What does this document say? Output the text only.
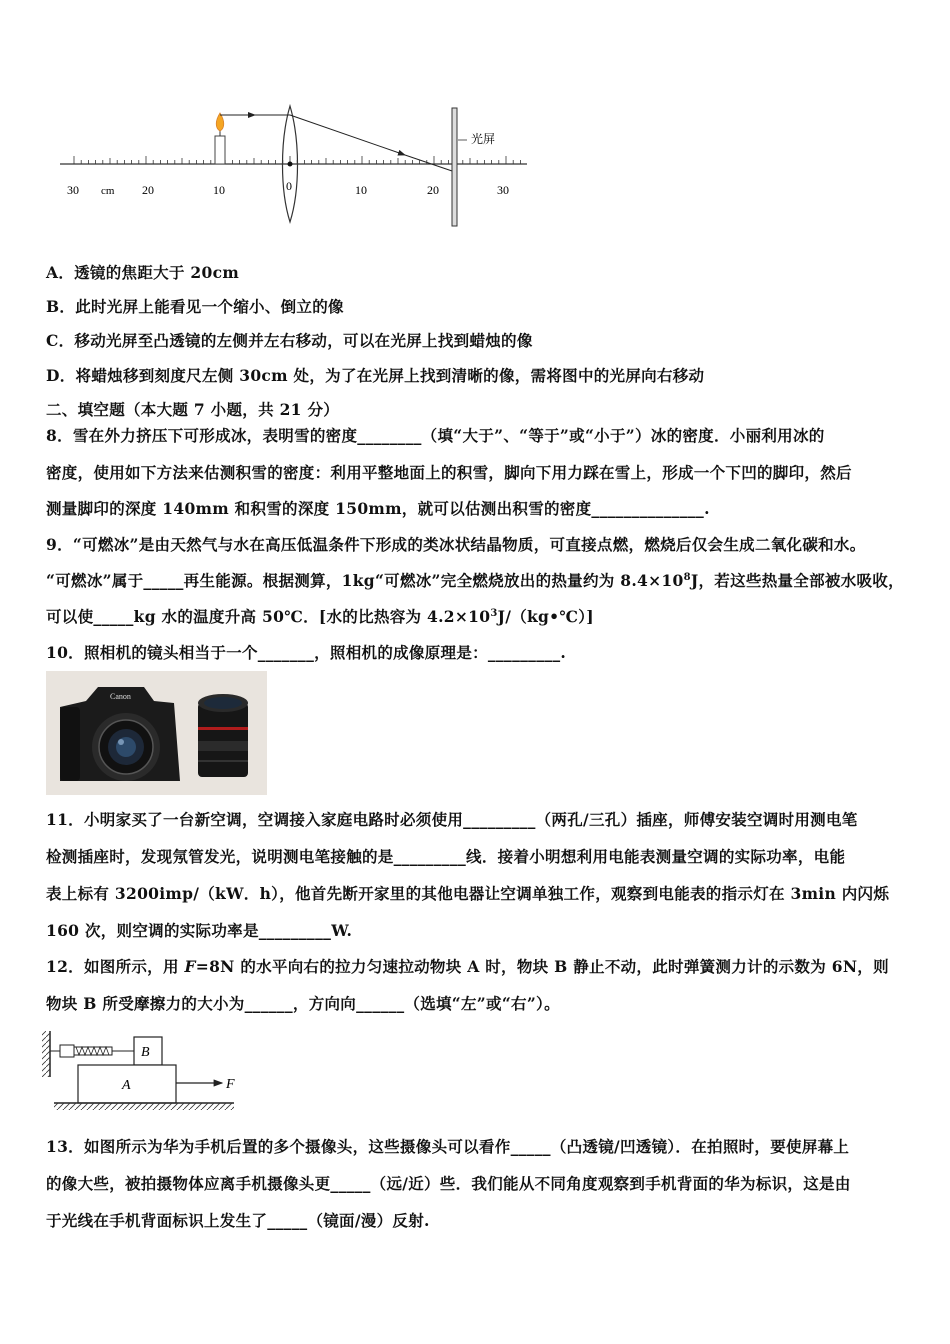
光屏
30 cm 20	10	0	10	20	30
A．透镜的焦距大于 20cm
B．此时光屏上能看见一个缩小、倒立的像
C．移动光屏至凸透镜的左侧并左右移动，可以在光屏上找到蜡烛的像
D．将蜡烛移到刻度尺左侧 30cm 处，为了在光屏上找到清晰的像，需将图中的光屏向右移动
二、填空题（本大题 7 小题，共 21 分）
8．雪在外力挤压下可形成冰，表明雪的密度________（填“大于”、“等于”或“小于”）冰的密度．小丽利用冰的
密度，使用如下方法来估测积雪的密度：利用平整地面上的积雪，脚向下用力踩在雪上，形成一个下凹的脚印，然后
测量脚印的深度 140mm 和积雪的深度 150mm，就可以估测出积雪的密度______________.
9．“可燃冰”是由天然气与水在高压低温条件下形成的类冰状结晶物质，可直接点燃，燃烧后仅会生成二氧化碳和水。
“可燃冰”属于_____再生能源。根据测算，1kg“可燃冰”完全燃烧放出的热量约为 $8.4\times 10^8J$，若这些热量全部被水吸收，
可以使_____kg 水的温度升高 50℃．[水的比热容为 $4.2\times 10^3J/(kg•℃)$]
10．照相机的镜头相当于一个_______，照相机的成像原理是：_________.
Canon
11．小明家买了一台新空调，空调接入家庭电路时必须使用_________（两孔/三孔）插座，师傅安装空调时用测电笔
检测插座时，发现氖管发光，说明测电笔接触的是_________线．接着小明想利用电能表测量空调的实际功率，电能
表上标有 3200imp/（kW．h），他首先断开家里的其他电器让空调单独工作，观察到电能表的指示灯在 3min 内闪烁
160 次，则空调的实际功率是_________W.
12．如图所示，用 F=8N 的水平向右的拉力匀速拉动物块 A 时，物块 B 静止不动，此时弹簧测力计的示数为 6N，则
物块 B 所受摩擦力的大小为______，方向向______（选填“左”或“右”）。
B
A	F
13．如图所示为华为手机后置的多个摄像头，这些摄像头可以看作_____（凸透镜/凹透镜）．在拍照时，要使屏幕上
的像大些，被拍摄物体应离手机摄像头更_____（远/近）些．我们能从不同角度观察到手机背面的华为标识，这是由
于光线在手机背面标识上发生了_____（镜面/漫）反射.
